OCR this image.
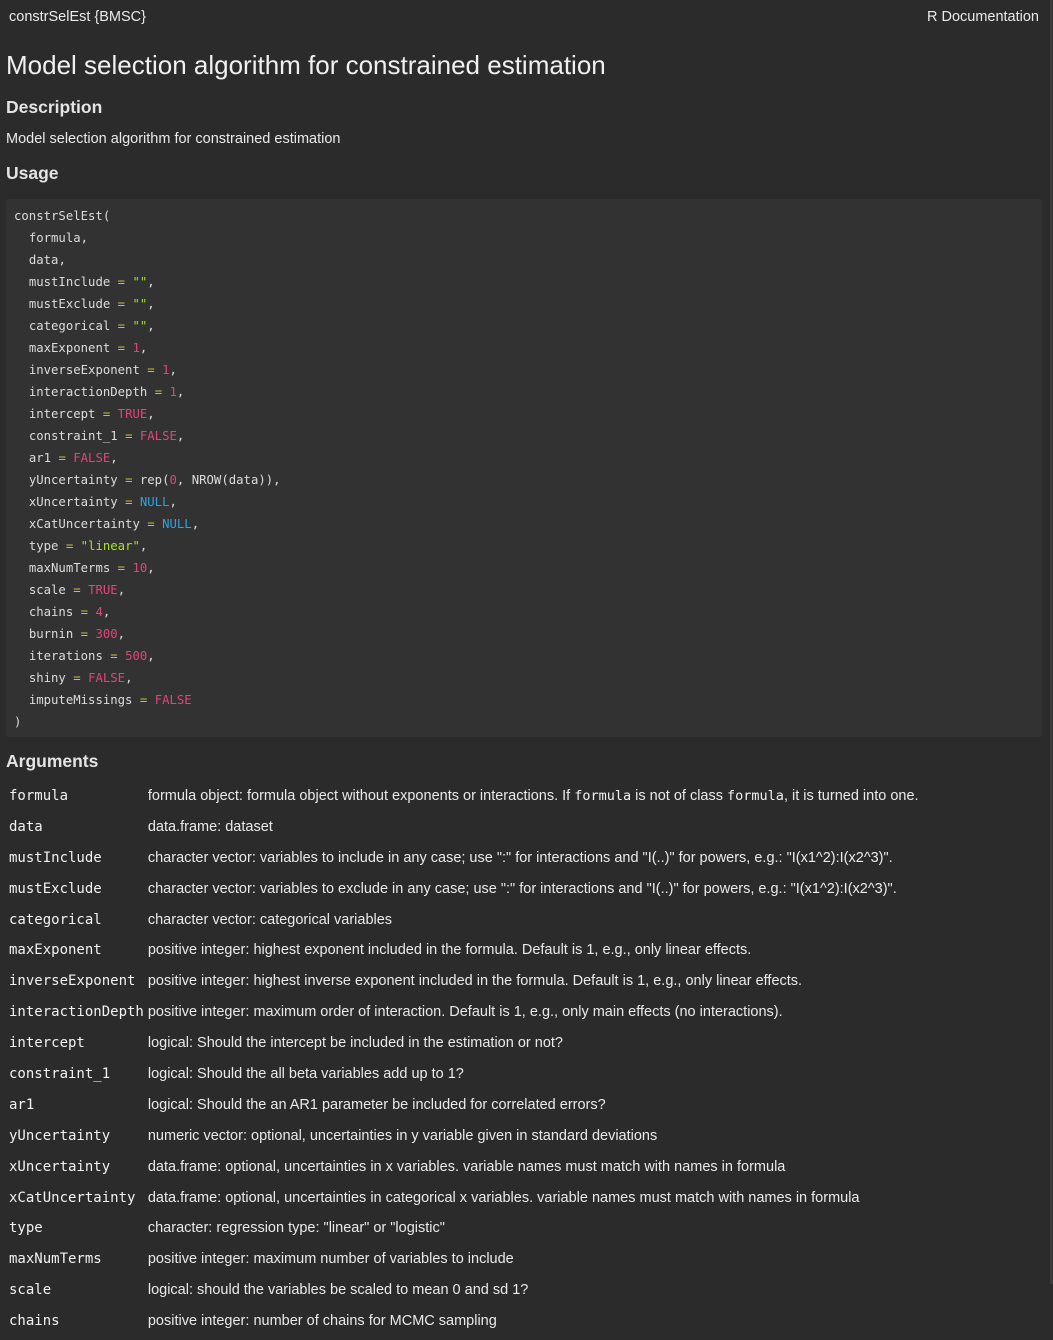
constrSelEst {BMSC}	R Documentation
Model selection algorithm for constrained estimation
Description

Model selection algorithm for constrained estimation

Usage
constrSelEst(
formula,
data,
mustInclude = "",
mustExclude = "",
categorical = "",
maxExponent = 1,
inverseExponent = 1,
interactionDepth = 1,
intercept = TRUE,
constraint_1 = FALSE,
ar1 = FALSE,
yUncertainty = rep(0, NROW(data)),
xUncertainty = NULL,
xCatUncertainty = NULL,
type = "linear",
maxNumTerms = 10,
scale = TRUE,
chains = 4,
burnin = 300,
iterations = 500,
shiny = FALSE,
imputeMissings = FALSE
)
Arguments
formula	formula object: formula object without exponents or interactions. If formula is not of class formula, it is turned into one.
data	data.frame: dataset
mustInclude	character vector: variables to include in any case; use ":" for interactions and "I(..)" for powers, e.g.: "I(x1^2):I(x2^3)".
mustExclude	character vector: variables to exclude in any case; use ":" for interactions and "I(..)" for powers, e.g.: "I(x1^2):I(x2^3)".
categorical	character vector: categorical variables
maxExponent	positive integer: highest exponent included in the formula. Default is 1, e.g., only linear effects.
inverseExponent	positive integer: highest inverse exponent included in the formula. Default is 1, e.g., only linear effects.
interactionDepth	positive integer: maximum order of interaction. Default is 1, e.g., only main effects (no interactions).
intercept	logical: Should the intercept be included in the estimation or not?
constraint_1	logical: Should the all beta variables add up to 1?
ar1	logical: Should the an AR1 parameter be included for correlated errors?
yUncertainty	numeric vector: optional, uncertainties in y variable given in standard deviations
xUncertainty	data.frame: optional, uncertainties in x variables. variable names must match with names in formula
xCatUncertainty	data.frame: optional, uncertainties in categorical x variables. variable names must match with names in formula
type	character: regression type: "linear" or "logistic"
maxNumTerms	positive integer: maximum number of variables to include
scale	logical: should the variables be scaled to mean 0 and sd 1?
chains	positive integer: number of chains for MCMC sampling
